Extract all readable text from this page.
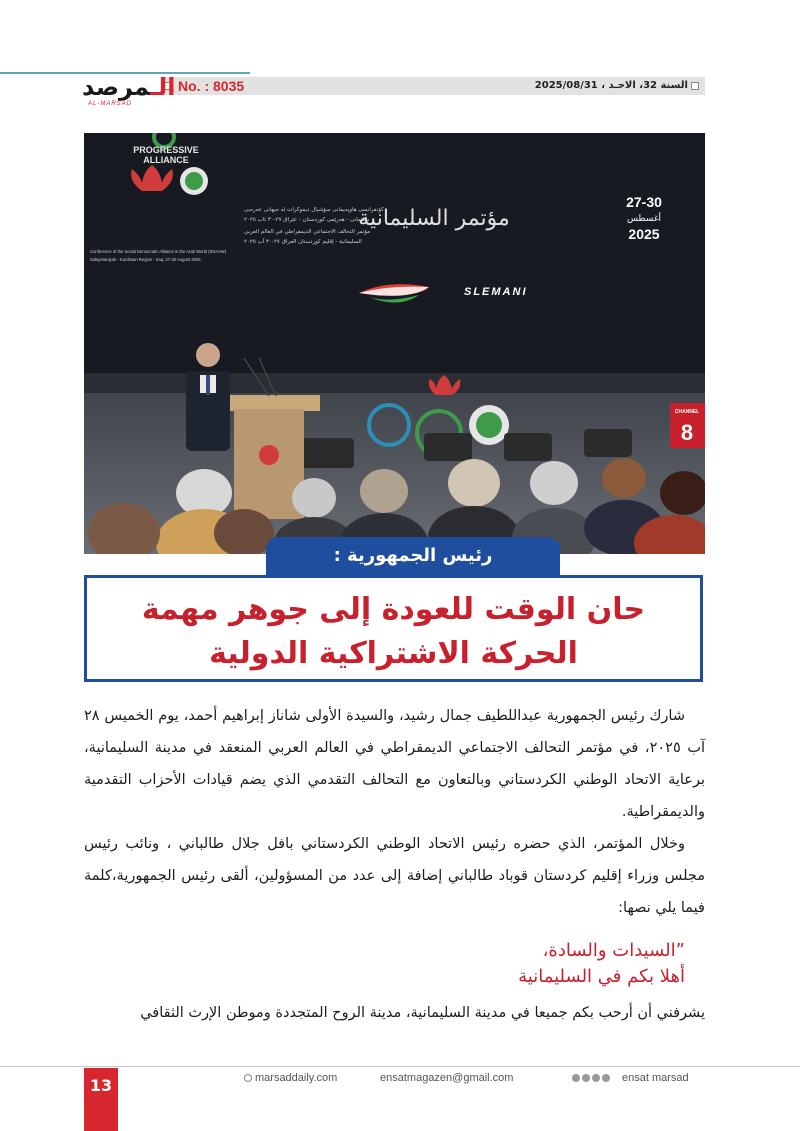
No. : 8035	السنة 32، الاحـد ، 2025/08/31
الـمرصد
AL-MARSAD
PROGRESSIVE
ALLIANCE
كۆنفرانسی هاوپەیمانی سۆشیال دیموکرات لە جیهانی عەرەبی
سلێمانی - هەرێمی کوردستان - عێراق ٢٧-٣٠ ئاب ٢٠٢٥
مؤتمر التحالف الاجتماعي الديمقراطي في العالم العربي
السليمانية - إقليم كوردستان العراق ٢٧-٣٠ آب ٢٠٢٥
Conference of the Social Democratic Alliance in the Arab World (SDAAW)
Sulaymaniyah - Kurdistan Region - Iraq, 27-30 August 2025
مؤتمر السليمانية
SLEMANI
27-30
أغسطس
2025
CHANNEL
8
رئيس الجمهورية :
حان الوقت للعودة إلى جوهر مهمة
الحركة الاشتراكية الدولية

شارك رئيس الجمهورية عبداللطيف جمال رشيد، والسيدة الأولى شاناز إبراهيم أحمد، يوم الخميس ٢٨ آب ٢٠٢٥، في مؤتمر التحالف الاجتماعي الديمقراطي في العالم العربي المنعقد في مدينة السليمانية، برعاية الاتحاد الوطني الكردستاني وبالتعاون مع التحالف التقدمي الذي يضم قيادات الأحزاب التقدمية والديمقراطية.

وخلال المؤتمر، الذي حضره رئيس الاتحاد الوطني الكردستاني بافل جلال طالباني ، ونائب رئيس مجلس وزراء إقليم كردستان قوباد طالباني إضافة إلى عدد من المسؤولين، ألقى رئيس الجمهورية،كلمة فيما يلي نصها:

”السيدات والسادة،
أهلا بكم في السليمانية
يشرفني أن أرحب بكم جميعا في مدينة السليمانية، مدينة الروح المتجددة وموطن الإرث الثقافي
13	marsaddaily.com	ensatmagazen@gmail.com	ensat marsad
